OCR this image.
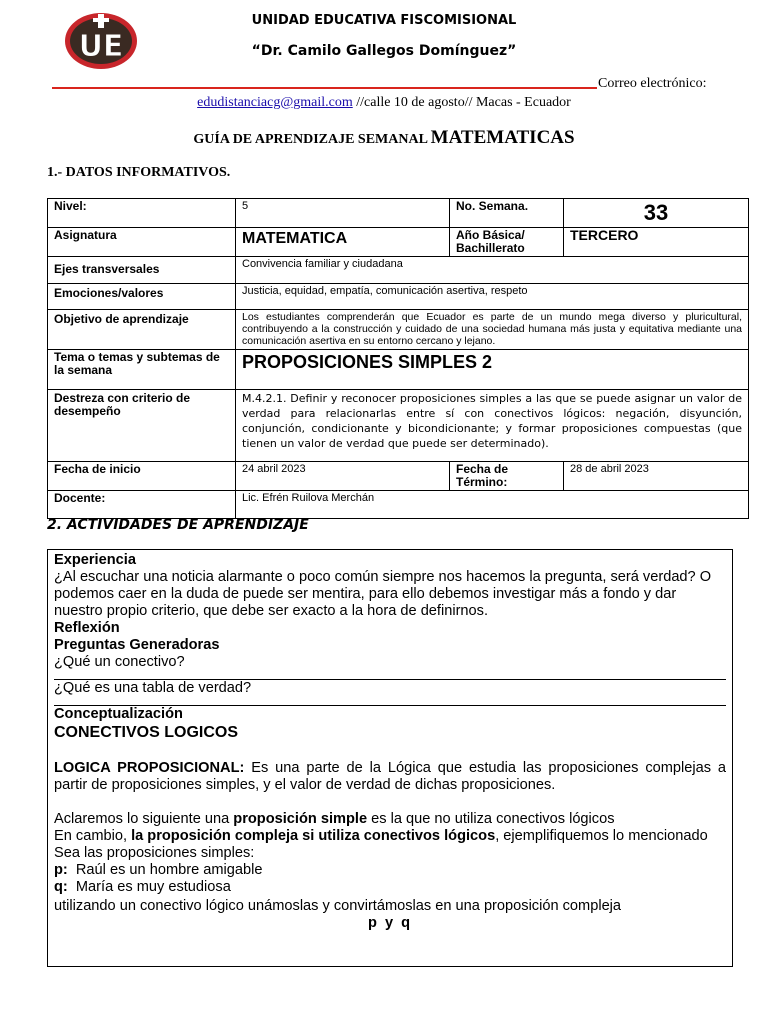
UE
UNIDAD EDUCATIVA FISCOMISIONAL
“Dr. Camilo Gallegos Domínguez”
Correo electrónico:
edudistanciacg@gmail.com //calle 10 de agosto// Macas - Ecuador
GUÍA DE APRENDIZAJE SEMANAL MATEMATICAS
1.- DATOS INFORMATIVOS.
Nivel:	5	No. Semana.	33

Asignatura	MATEMATICA	Año Básica/ Bachillerato	TERCERO
Ejes transversales	Convivencia familiar y ciudadana		
Emociones/valores	Justicia, equidad, empatía, comunicación asertiva, respeto		
Objetivo de aprendizaje	Los estudiantes comprenderán que Ecuador es parte de un mundo mega diverso y pluricultural, contribuyendo a la construcción y cuidado de una sociedad humana más justa y equitativa mediante una comunicación asertiva en su entorno cercano y lejano.		
Tema o temas y subtemas de la semana	PROPOSICIONES SIMPLES 2		
Destreza con criterio de desempeño	M.4.2.1. Definir y reconocer proposiciones simples a las que se puede asignar un valor de verdad para relacionarlas entre sí con conectivos lógicos: negación, disyunción, conjunción, condicionante y bicondicionante; y formar proposiciones compuestas (que tienen un valor de verdad que puede ser determinado).		

Fecha de inicio	24 abril 2023	Fecha de Término:	28 de abril 2023
Docente:	Lic. Efrén Ruilova Merchán		
2. ACTIVIDADES DE APRENDIZAJE

Experiencia

¿Al escuchar una noticia alarmante o poco común siempre nos hacemos la pregunta, será verdad? O podemos caer en la duda de puede ser mentira, para ello debemos investigar más a fondo y dar nuestro propio criterio, que debe ser exacto a la hora de definirnos.

Reflexión

Preguntas Generadoras

¿Qué un conectivo?

¿Qué es una tabla de verdad?

Conceptualización

CONECTIVOS LOGICOS

LOGICA PROPOSICIONAL: Es una parte de la Lógica que estudia las proposiciones complejas a partir de proposiciones simples, y el valor de verdad de dichas proposiciones.

Aclaremos lo siguiente una proposición simple es la que no utiliza conectivos lógicos

En cambio, la proposición compleja si utiliza conectivos lógicos, ejemplifiquemos lo mencionado

Sea las proposiciones simples:

p:  Raúl es un hombre amigable

q:  María es muy estudiosa

utilizando un conectivo lógico unámoslas y convirtámoslas en una proposición compleja

p y q
